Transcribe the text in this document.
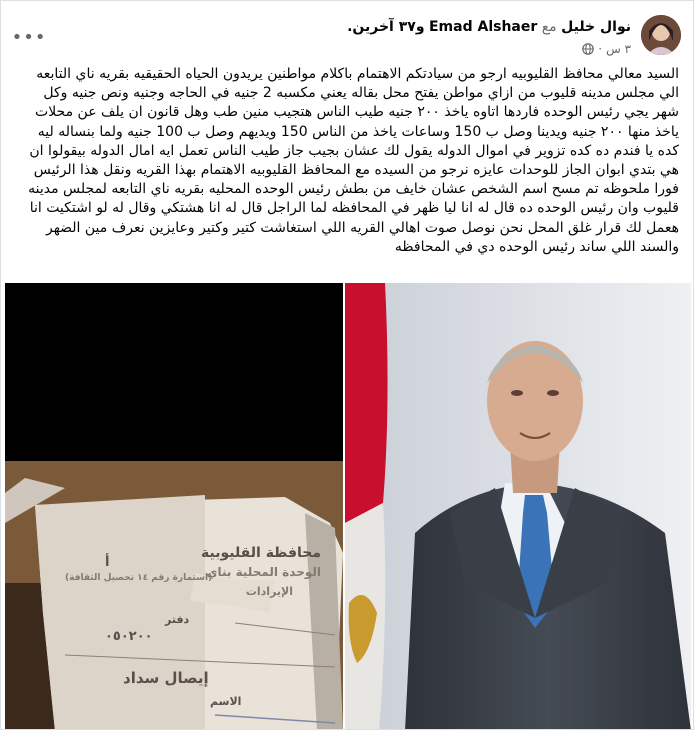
نوال خليل مع Emad Alshaer و٣٧ آخرين.
٣ س
·
•••
السيد معالي محافظ القليوبيه ارجو من سيادتكم الاهتمام باكلام مواطنين يريدون الحياه الحقيقيه بقريه ناي التابعه الي مجلس مدينه قليوب من ازاي مواطن يفتح محل بقاله يعني مكسبه 2 جنيه في الحاجه وجنيه ونص جنيه وكل شهر يجي رئيس الوحده فاردها اتاوه ياخذ ٢٠٠ جنيه طيب الناس هتجيب منين طب وهل قانون ان يلف عن محلات ياخذ منها ٢٠٠ جنيه ويدينا وصل ب 150 وساعات ياخذ من الناس 150 ويديهم وصل ب 100 جنيه ولما بنساله ليه كده يا فندم ده كده تزوير في اموال الدوله يقول لك عشان بجيب جاز طيب الناس تعمل ايه امال الدوله بيقولوا ان هي بتدي ابوان الجاز للوحدات عايزه نرجو من السيده مع المحافظ القليوبيه الاهتمام بهذا القريه ونقل هذا الرئيس فورا ملحوظه تم مسح اسم الشخص عشان خايف من بطش رئيس الوحده المحليه بقريه ناي التابعه لمجلس مدينه قليوب وان رئيس الوحده ده قال له انا ليا ظهر في المحافظه لما الراجل قال له انا هشتكي وقال له لو اشتكيت انا هعمل لك قرار غلق المحل نحن نوصل صوت اهالي القريه اللي استغاشت كتير وكتير وعايزين نعرف مين الضهر والسند اللي ساند رئيس الوحده دي في المحافظه
محافظة القليوبية
الوحدة المحلية بناي
الإيرادات
أ
(استمارة رقم ١٤ تحصيل الثقافة)
دفتر
٠٥٠٢٠٠
إيصال سداد
الاسم
